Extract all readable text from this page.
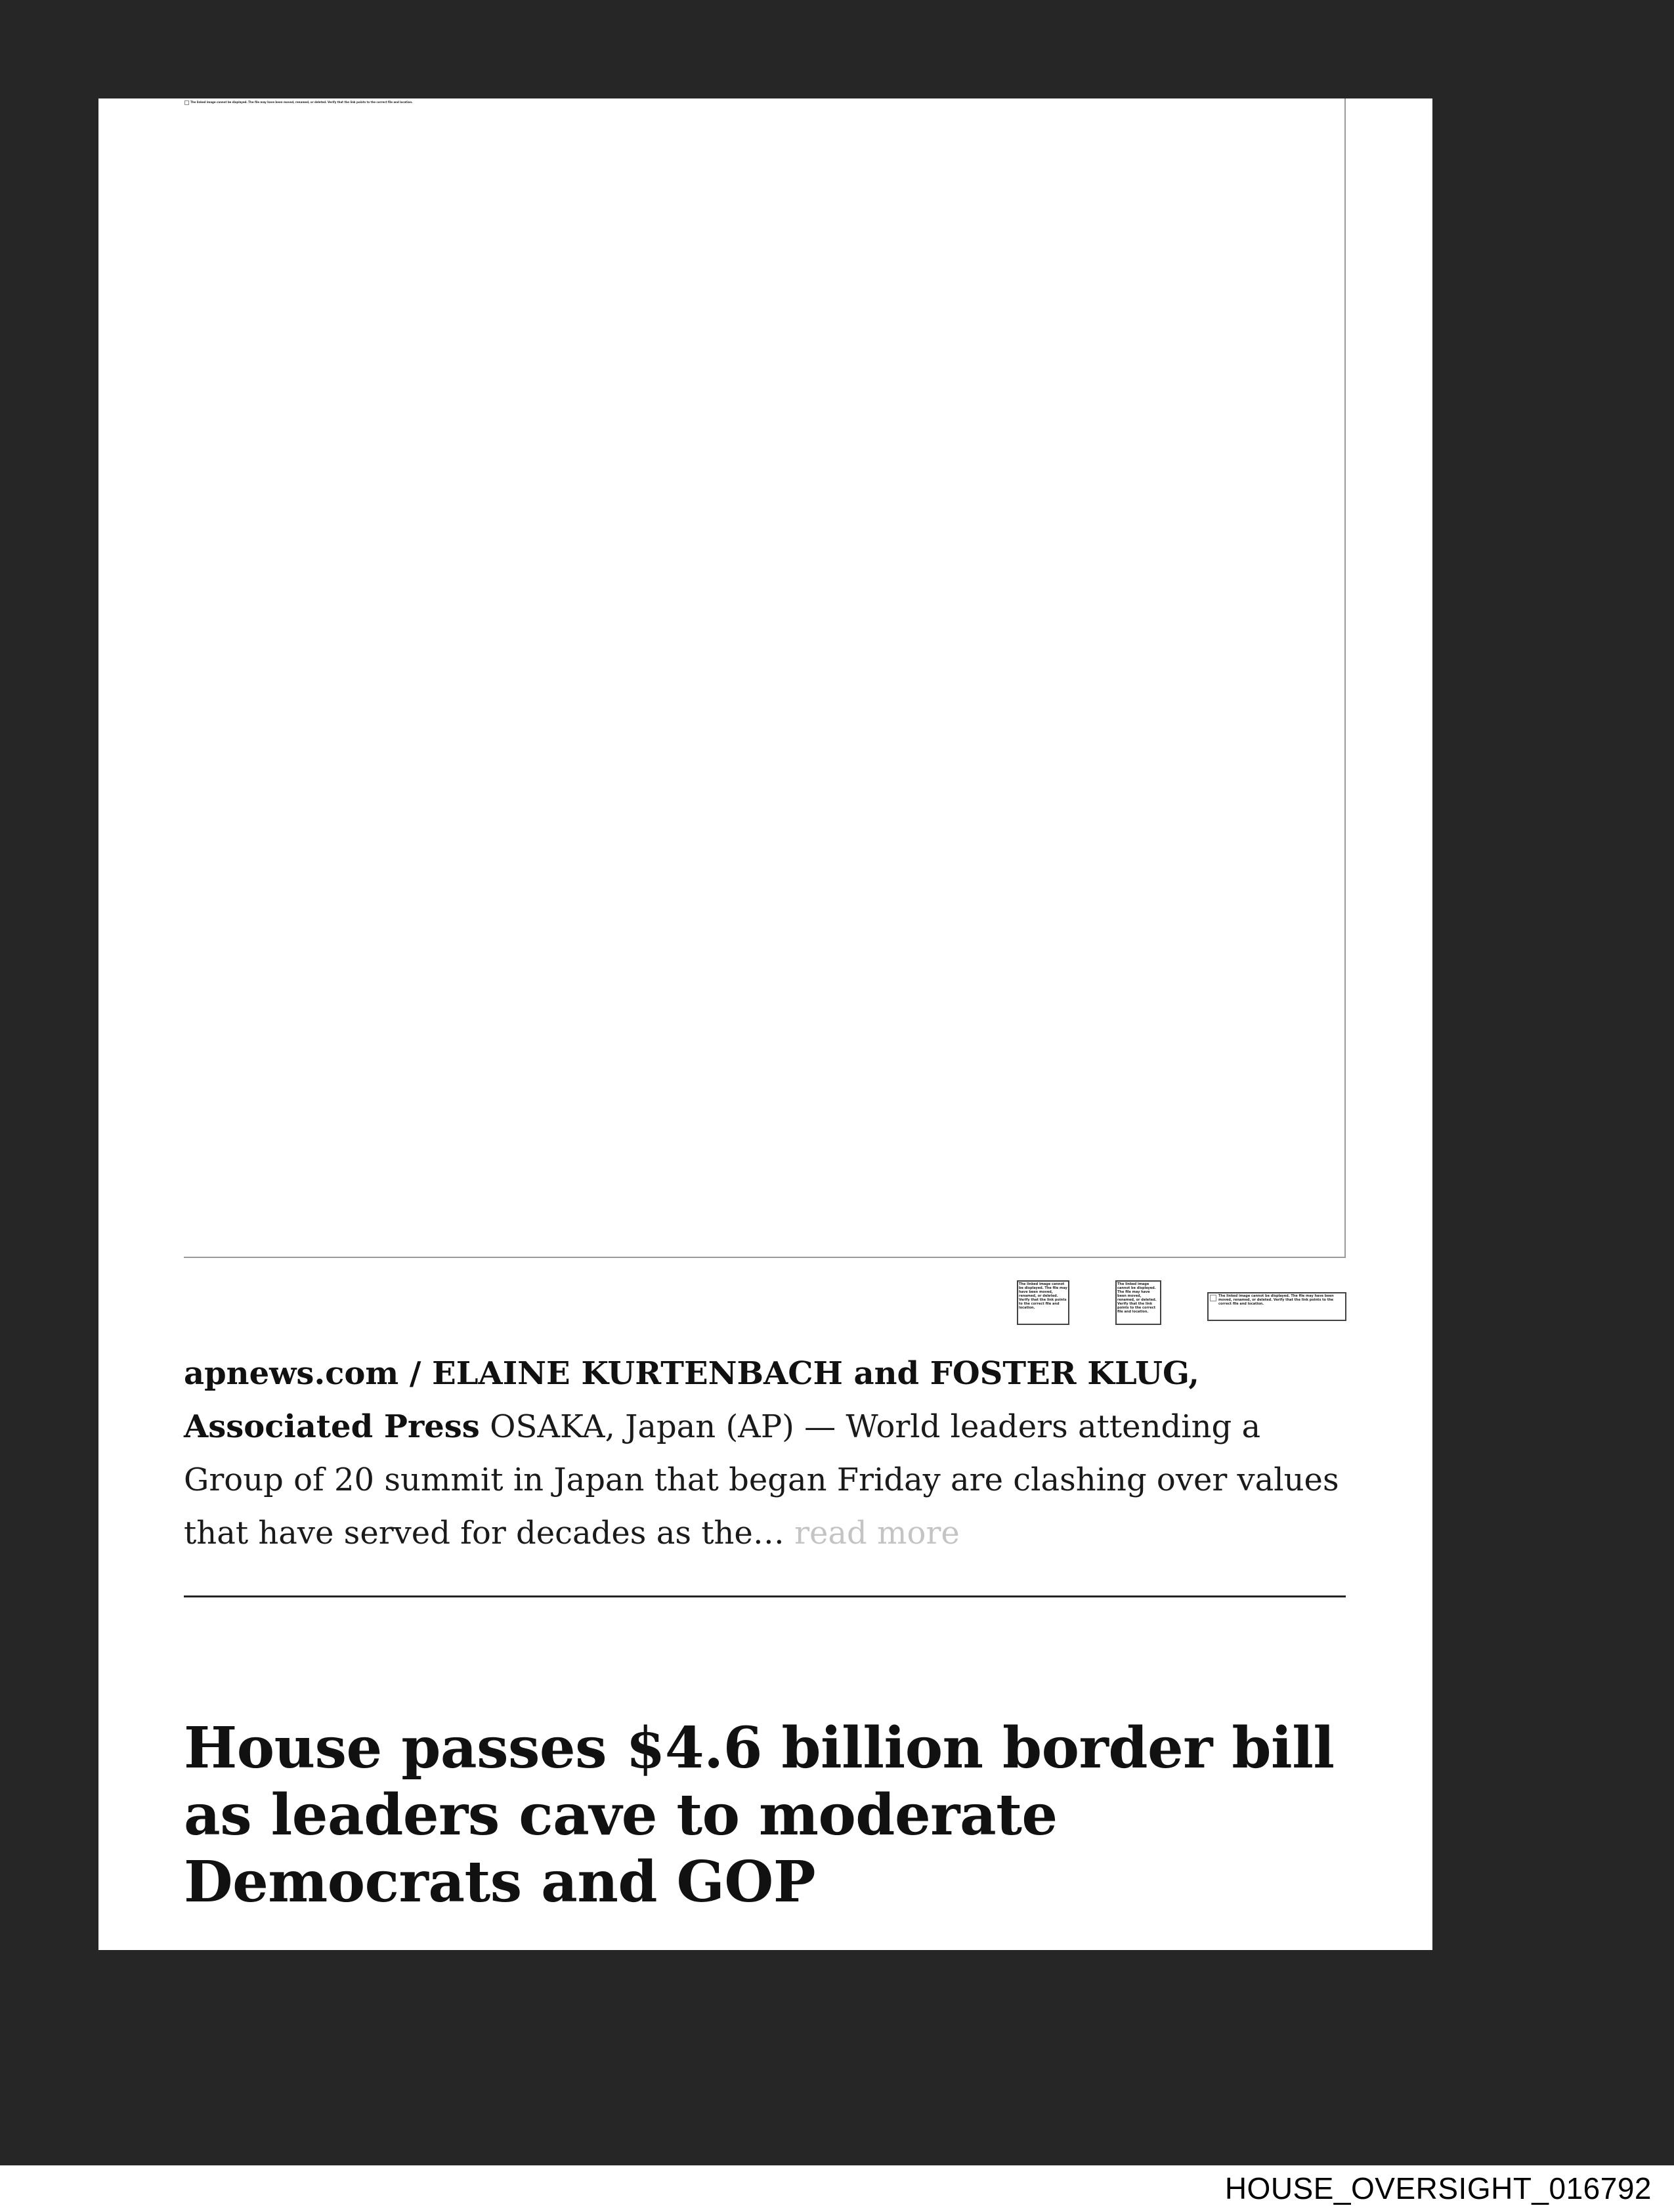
The linked image cannot be displayed. The file may have been moved, renamed, or deleted. Verify that the link points to the correct file and location.
The linked image cannot be displayed. The file may have been moved, renamed, or deleted. Verify that the link points to the correct file and location.
The linked image cannot be displayed. The file may have been moved, renamed, or deleted. Verify that the link points to the correct file and location.
The linked image cannot be displayed. The file may have been moved, renamed, or deleted. Verify that the link points to the correct file and location.

apnews.com / ELAINE KURTENBACH and FOSTER KLUG, Associated Press OSAKA, Japan (AP) — World leaders attending a Group of 20 summit in Japan that began Friday are clashing over values that have served for decades as the… read more

House passes $4.6 billion border bill as leaders cave to moderate Democrats and GOP
HOUSE_OVERSIGHT_016792
